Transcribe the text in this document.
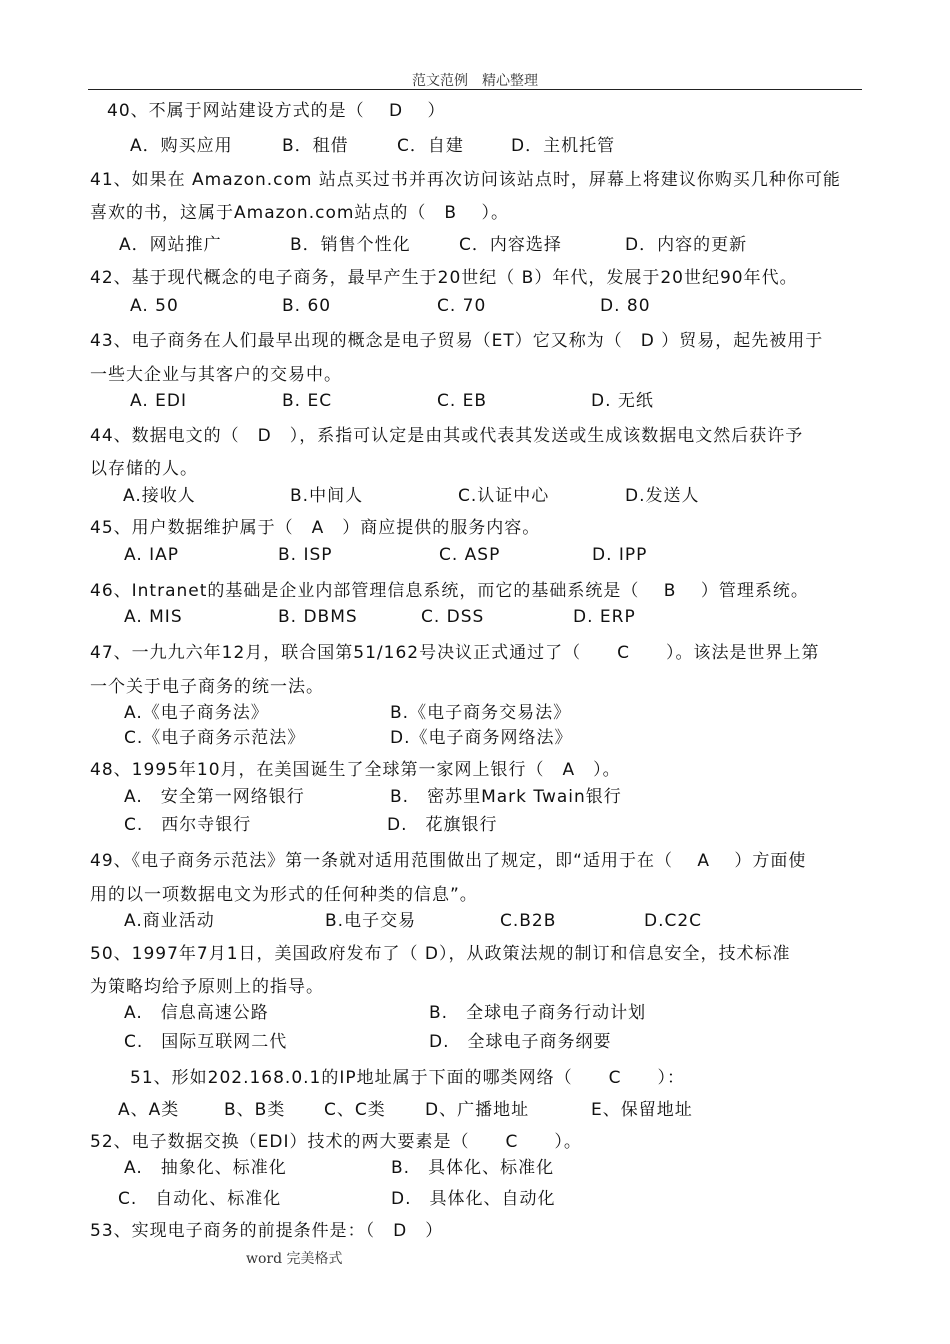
范文范例　精心整理
40、不属于网站建设方式的是（ 　D　 ）
A．购买应用	B．租借	C．自建	D．主机托管
41、如果在 Amazon.com 站点买过书并再次访问该站点时，屏幕上将建议你购买几种你可能
喜欢的书，这属于Amazon.com站点的（　B　 ）。
A．网站推广	B．销售个性化	C．内容选择	D．内容的更新
42、基于现代概念的电子商务，最早产生于20世纪（ B）年代，发展于20世纪90年代。
A. 50	B. 60	C. 70	D. 80
43、电子商务在人们最早出现的概念是电子贸易（ET）它又称为（　D ）贸易，起先被用于
一些大企业与其客户的交易中。
A. EDI	B. EC	C. EB	D. 无纸
44、数据电文的（　D　），系指可认定是由其或代表其发送或生成该数据电文然后获许予
以存储的人。
A.接收人	B.中间人	C.认证中心	D.发送人
45、用户数据维护属于（　A　）商应提供的服务内容。
A. IAP	B. ISP	C. ASP	D. IPP
46、Intranet的基础是企业内部管理信息系统，而它的基础系统是（　 B　 ）管理系统。
A. MIS	B. DBMS	C. DSS	D. ERP
47、一九九六年12月，联合国第51/162号决议正式通过了（　　C　　）。该法是世界上第
一个关于电子商务的统一法。
A.《电子商务法》	B.《电子商务交易法》
C.《电子商务示范法》	D.《电子商务网络法》
48、1995年10月，在美国诞生了全球第一家网上银行（　A　）。
A.　安全第一网络银行	B.　密苏里Mark Twain银行
C.　西尔寺银行	D.　花旗银行
49、《电子商务示范法》第一条就对适用范围做出了规定，即“适用于在（　 A　 ）方面使
用的以一项数据电文为形式的任何种类的信息”。
A.商业活动	B.电子交易	C.B2B	D.C2C
50、1997年7月1日，美国政府发布了（ D），从政策法规的制订和信息安全，技术标准
为策略均给予原则上的指导。
A.　信息高速公路	B.　全球电子商务行动计划
C.　国际互联网二代	D.　全球电子商务纲要
51、形如202.168.0.1的IP地址属于下面的哪类网络（　　C　　）：
A、A类	B、B类 C、C类 D、广播地址	E、保留地址
52、电子数据交换（EDI）技术的两大要素是（　　C　　）。
A.　抽象化、标准化	B.　具体化、标准化
C.　自动化、标准化	D.　具体化、自动化
53、实现电子商务的前提条件是：（　D　）
word 完美格式
